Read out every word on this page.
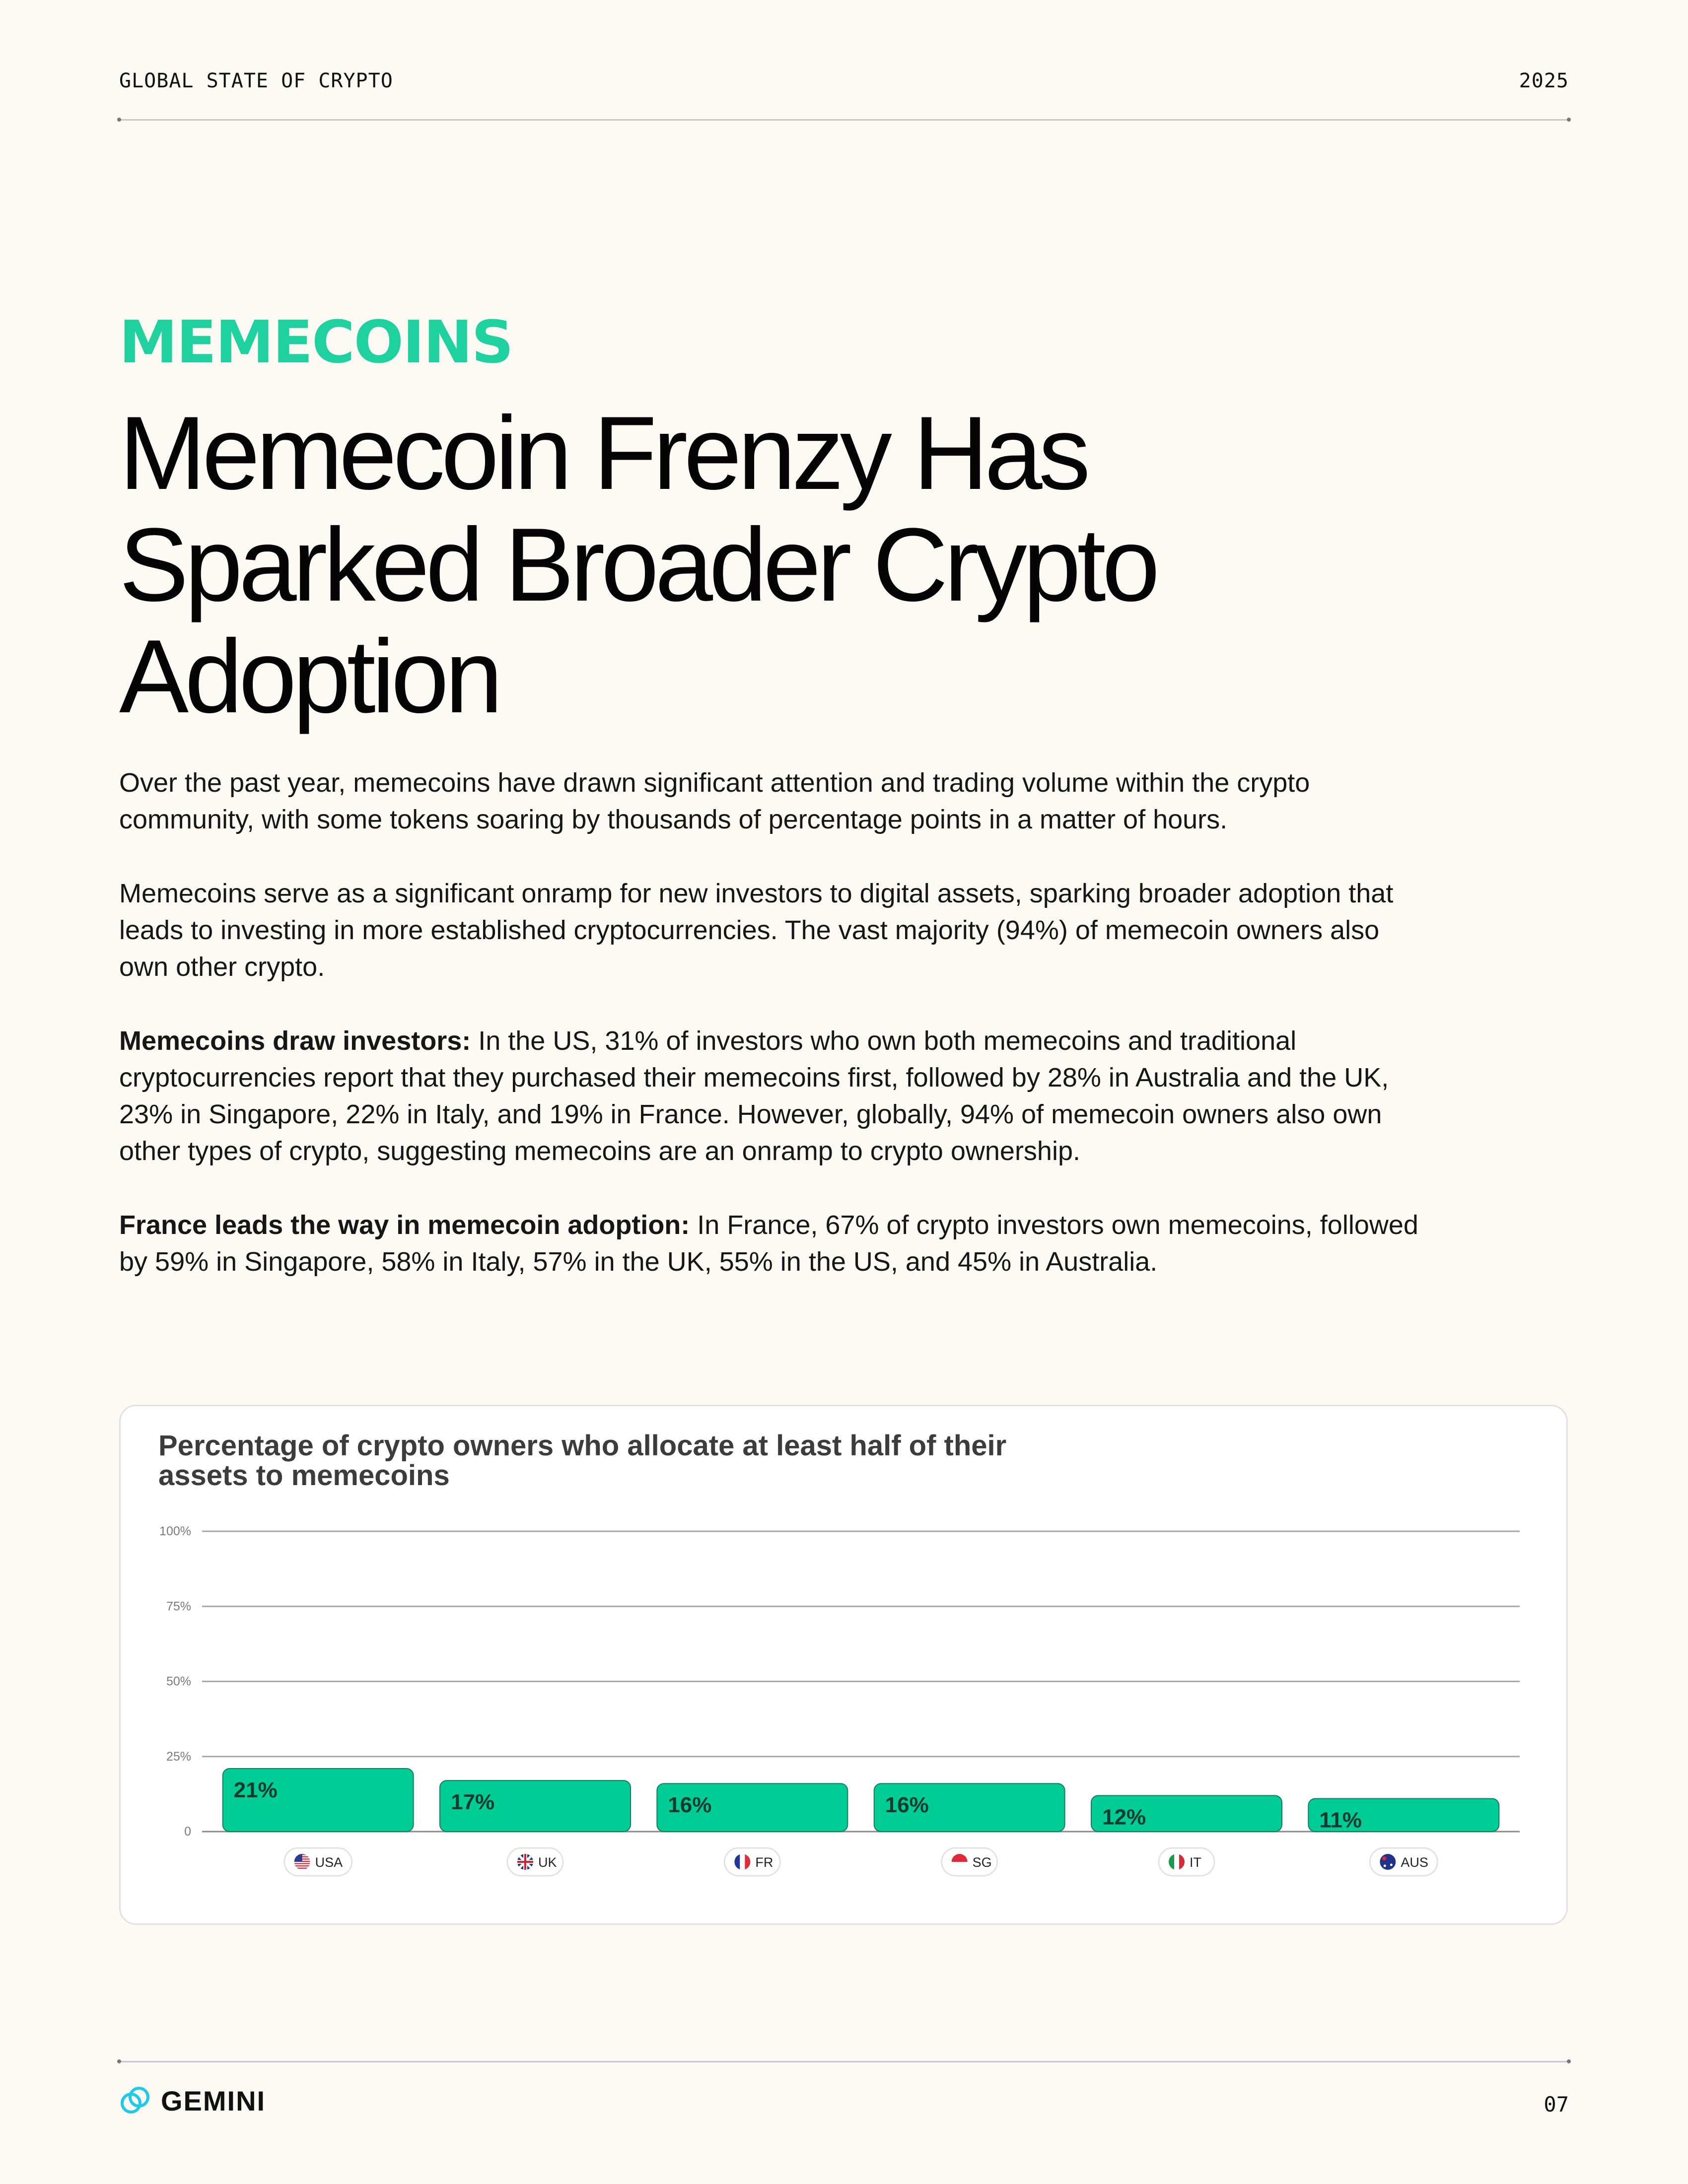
GLOBAL STATE OF CRYPTO	2025
MEMECOINS
Memecoin Frenzy Has
Sparked Broader Crypto
Adoption

Over the past year, memecoins have drawn significant attention and trading volume within the crypto community, with some tokens soaring by thousands of percentage points in a matter of hours.

Memecoins serve as a significant onramp for new investors to digital assets, sparking broader adoption that leads to investing in more established cryptocurrencies. The vast majority (94%) of memecoin owners also own other crypto.

Memecoins draw investors: In the US, 31% of investors who own both memecoins and traditional cryptocurrencies report that they purchased their memecoins first, followed by 28% in Australia and the UK, 23% in Singapore, 22% in Italy, and 19% in France. However, globally, 94% of memecoin owners also own other types of crypto, suggesting memecoins are an onramp to crypto ownership.

France leads the way in memecoin adoption: In France, 67% of crypto investors own memecoins, followed by 59% in Singapore, 58% in Italy, 57% in the UK, 55% in the US, and 45% in Australia.

Percentage of crypto owners who allocate at least half of their assets to memecoins
0
25%
50%
75%
100%
21%
USA
17%
UK
16%
FR
16%
SG
12%
IT
11%
AUS
GEMINI	07
